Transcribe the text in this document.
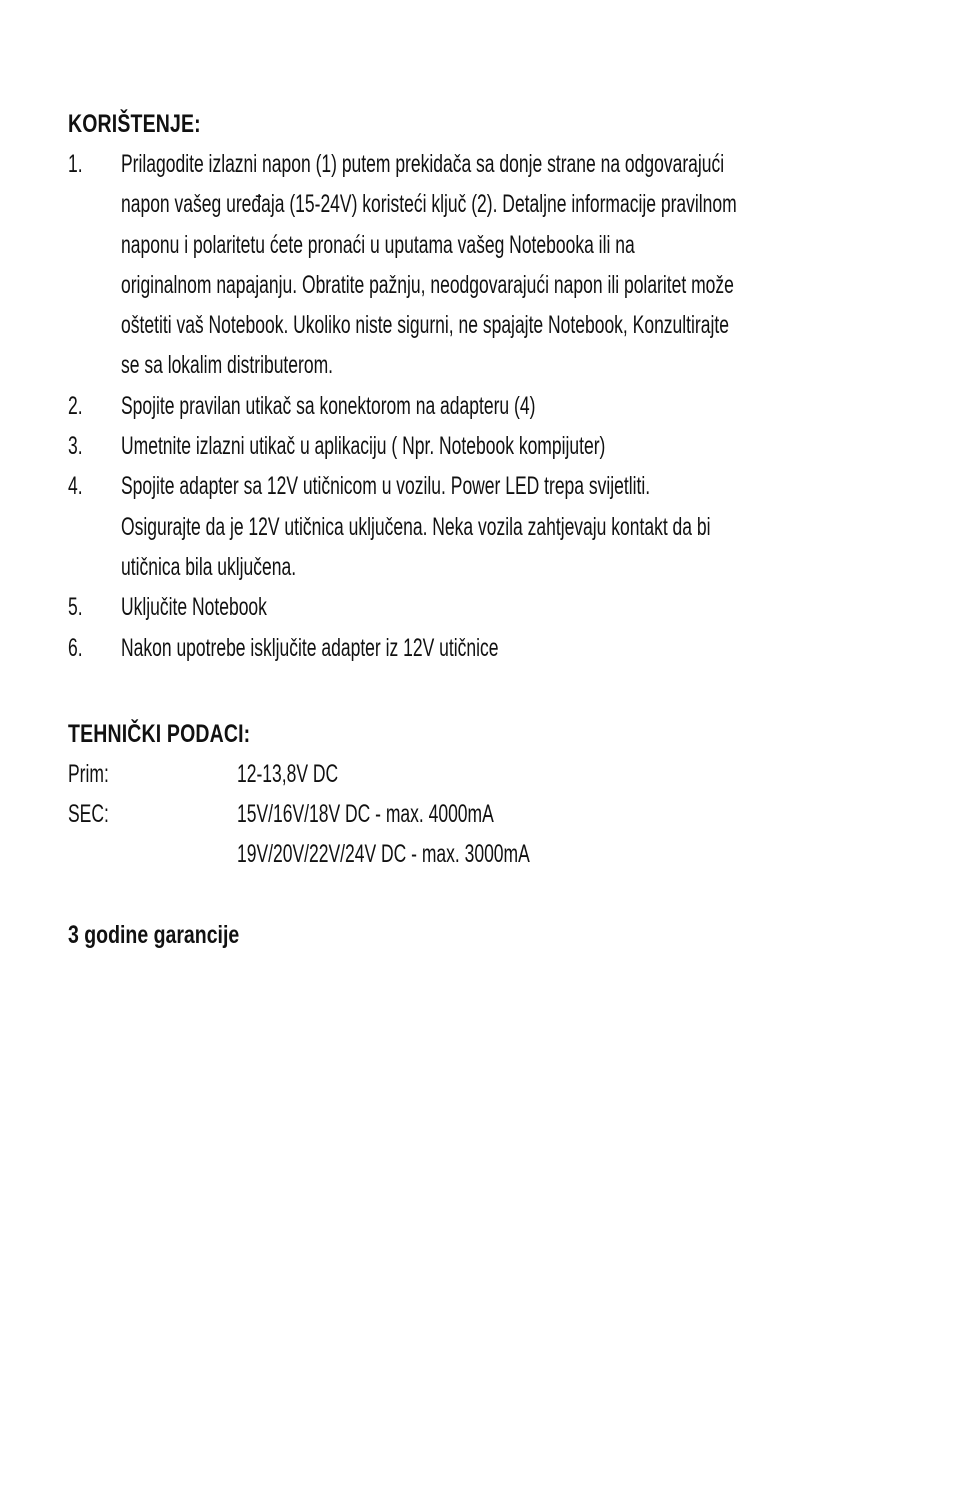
KORIŠTENJE:
1. Prilagodite izlazni napon (1) putem prekidača sa donje strane na odgovarajući
napon vašeg uređaja (15-24V) koristeći ključ (2). Detaljne informacije pravilnom
naponu i polaritetu ćete pronaći u uputama vašeg Notebooka ili na
originalnom napajanju. Obratite pažnju, neodgovarajući napon ili polaritet može
oštetiti vaš Notebook. Ukoliko niste sigurni, ne spajajte Notebook, Konzultirajte
se sa lokalim distributerom.
2. Spojite pravilan utikač sa konektorom na adapteru (4)
3. Umetnite izlazni utikač u aplikaciju ( Npr. Notebook kompijuter)
4. Spojite adapter sa 12V utičnicom u vozilu. Power LED trepa svijetliti.
Osigurajte da je 12V utičnica uključena. Neka vozila zahtjevaju kontakt da bi
utičnica bila uključena.
5. Uključite Notebook
6. Nakon upotrebe isključite adapter iz 12V utičnice
TEHNIČKI PODACI:
Prim:	12-13,8V DC
SEC:	15V/16V/18V DC - max. 4000mA
19V/20V/22V/24V DC - max. 3000mA
3 godine garancije
